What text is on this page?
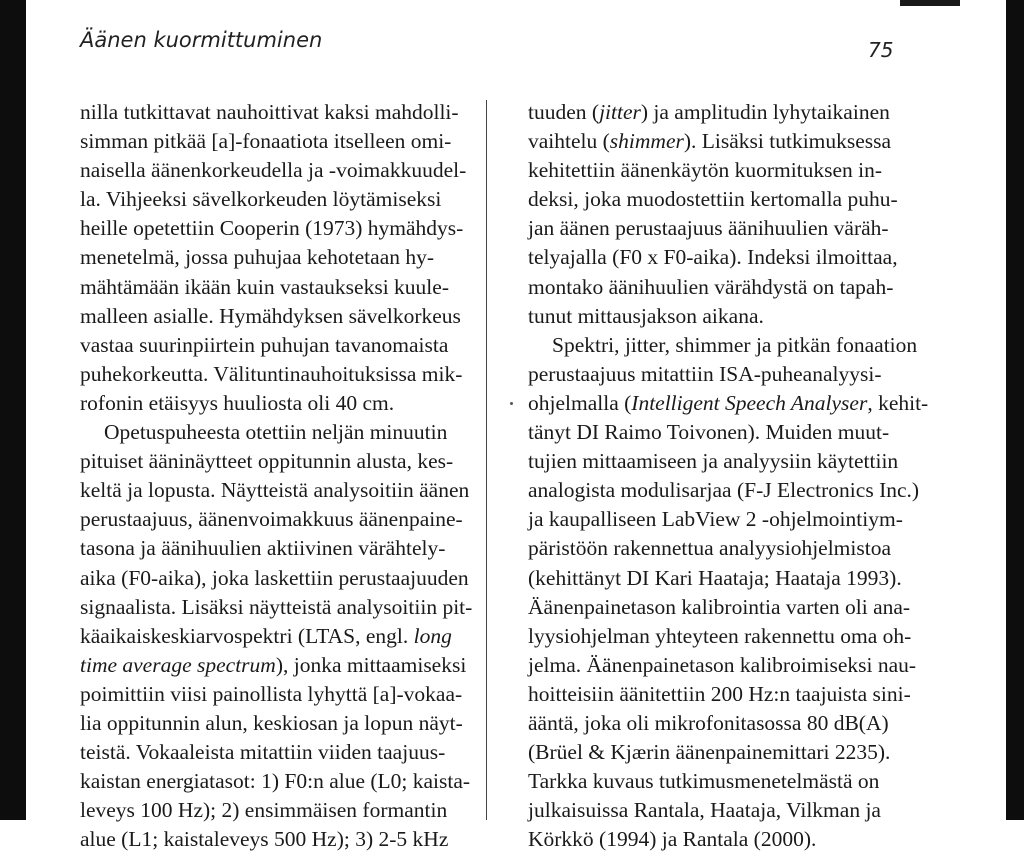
Äänen kuormittuminen	75

nilla tutkittavat nauhoittivat kaksi mahdolli-
simman pitkää [a]-fonaatiota itselleen omi-
naisella äänenkorkeudella ja -voimakkuudel-
la. Vihjeeksi sävelkorkeuden löytämiseksi
heille opetettiin Cooperin (1973) hymähdys-
menetelmä, jossa puhujaa kehotetaan hy-
mähtämään ikään kuin vastaukseksi kuule-
malleen asialle. Hymähdyksen sävelkorkeus
vastaa suurinpiirtein puhujan tavanomaista
puhekorkeutta. Välituntinauhoituksissa mik-
rofonin etäisyys huuliosta oli 40 cm.
Opetuspuheesta otettiin neljän minuutin
pituiset ääninäytteet oppitunnin alusta, kes-
keltä ja lopusta. Näytteistä analysoitiin äänen
perustaajuus, äänenvoimakkuus äänenpaine-
tasona ja äänihuulien aktiivinen värähtely-
aika (F0-aika), joka laskettiin perustaajuuden
signaalista. Lisäksi näytteistä analysoitiin pit-
käaikaiskeskiarvospektri (LTAS, engl. long
time average spectrum), jonka mittaamiseksi
poimittiin viisi painollista lyhyttä [a]-vokaa-
lia oppitunnin alun, keskiosan ja lopun näyt-
teistä. Vokaaleista mitattiin viiden taajuus-
kaistan energiatasot: 1) F0:n alue (L0; kaista-
leveys 100 Hz); 2) ensimmäisen formantin
alue (L1; kaistaleveys 500 Hz); 3) 2-5 kHz
tuuden (jitter) ja amplitudin lyhytaikainen
vaihtelu (shimmer). Lisäksi tutkimuksessa
kehitettiin äänenkäytön kuormituksen in-
deksi, joka muodostettiin kertomalla puhu-
jan äänen perustaajuus äänihuulien väräh-
telyajalla (F0 x F0-aika). Indeksi ilmoittaa,
montako äänihuulien värähdystä on tapah-
tunut mittausjakson aikana.
Spektri, jitter, shimmer ja pitkän fonaation
perustaajuus mitattiin ISA-puheanalyysi-
ohjelmalla (Intelligent Speech Analyser, kehit-
tänyt DI Raimo Toivonen). Muiden muut-
tujien mittaamiseen ja analyysiin käytettiin
analogista modulisarjaa (F-J Electronics Inc.)
ja kaupalliseen LabView 2 -ohjelmointiym-
päristöön rakennettua analyysiohjelmistoa
(kehittänyt DI Kari Haataja; Haataja 1993).
Äänenpainetason kalibrointia varten oli ana-
lyysiohjelman yhteyteen rakennettu oma oh-
jelma. Äänenpainetason kalibroimiseksi nau-
hoitteisiin äänitettiin 200 Hz:n taajuista sini-
ääntä, joka oli mikrofonitasossa 80 dB(A)
(Brüel & Kjærin äänenpainemittari 2235).
Tarkka kuvaus tutkimusmenetelmästä on
julkaisuissa Rantala, Haataja, Vilkman ja
Körkkö (1994) ja Rantala (2000).
